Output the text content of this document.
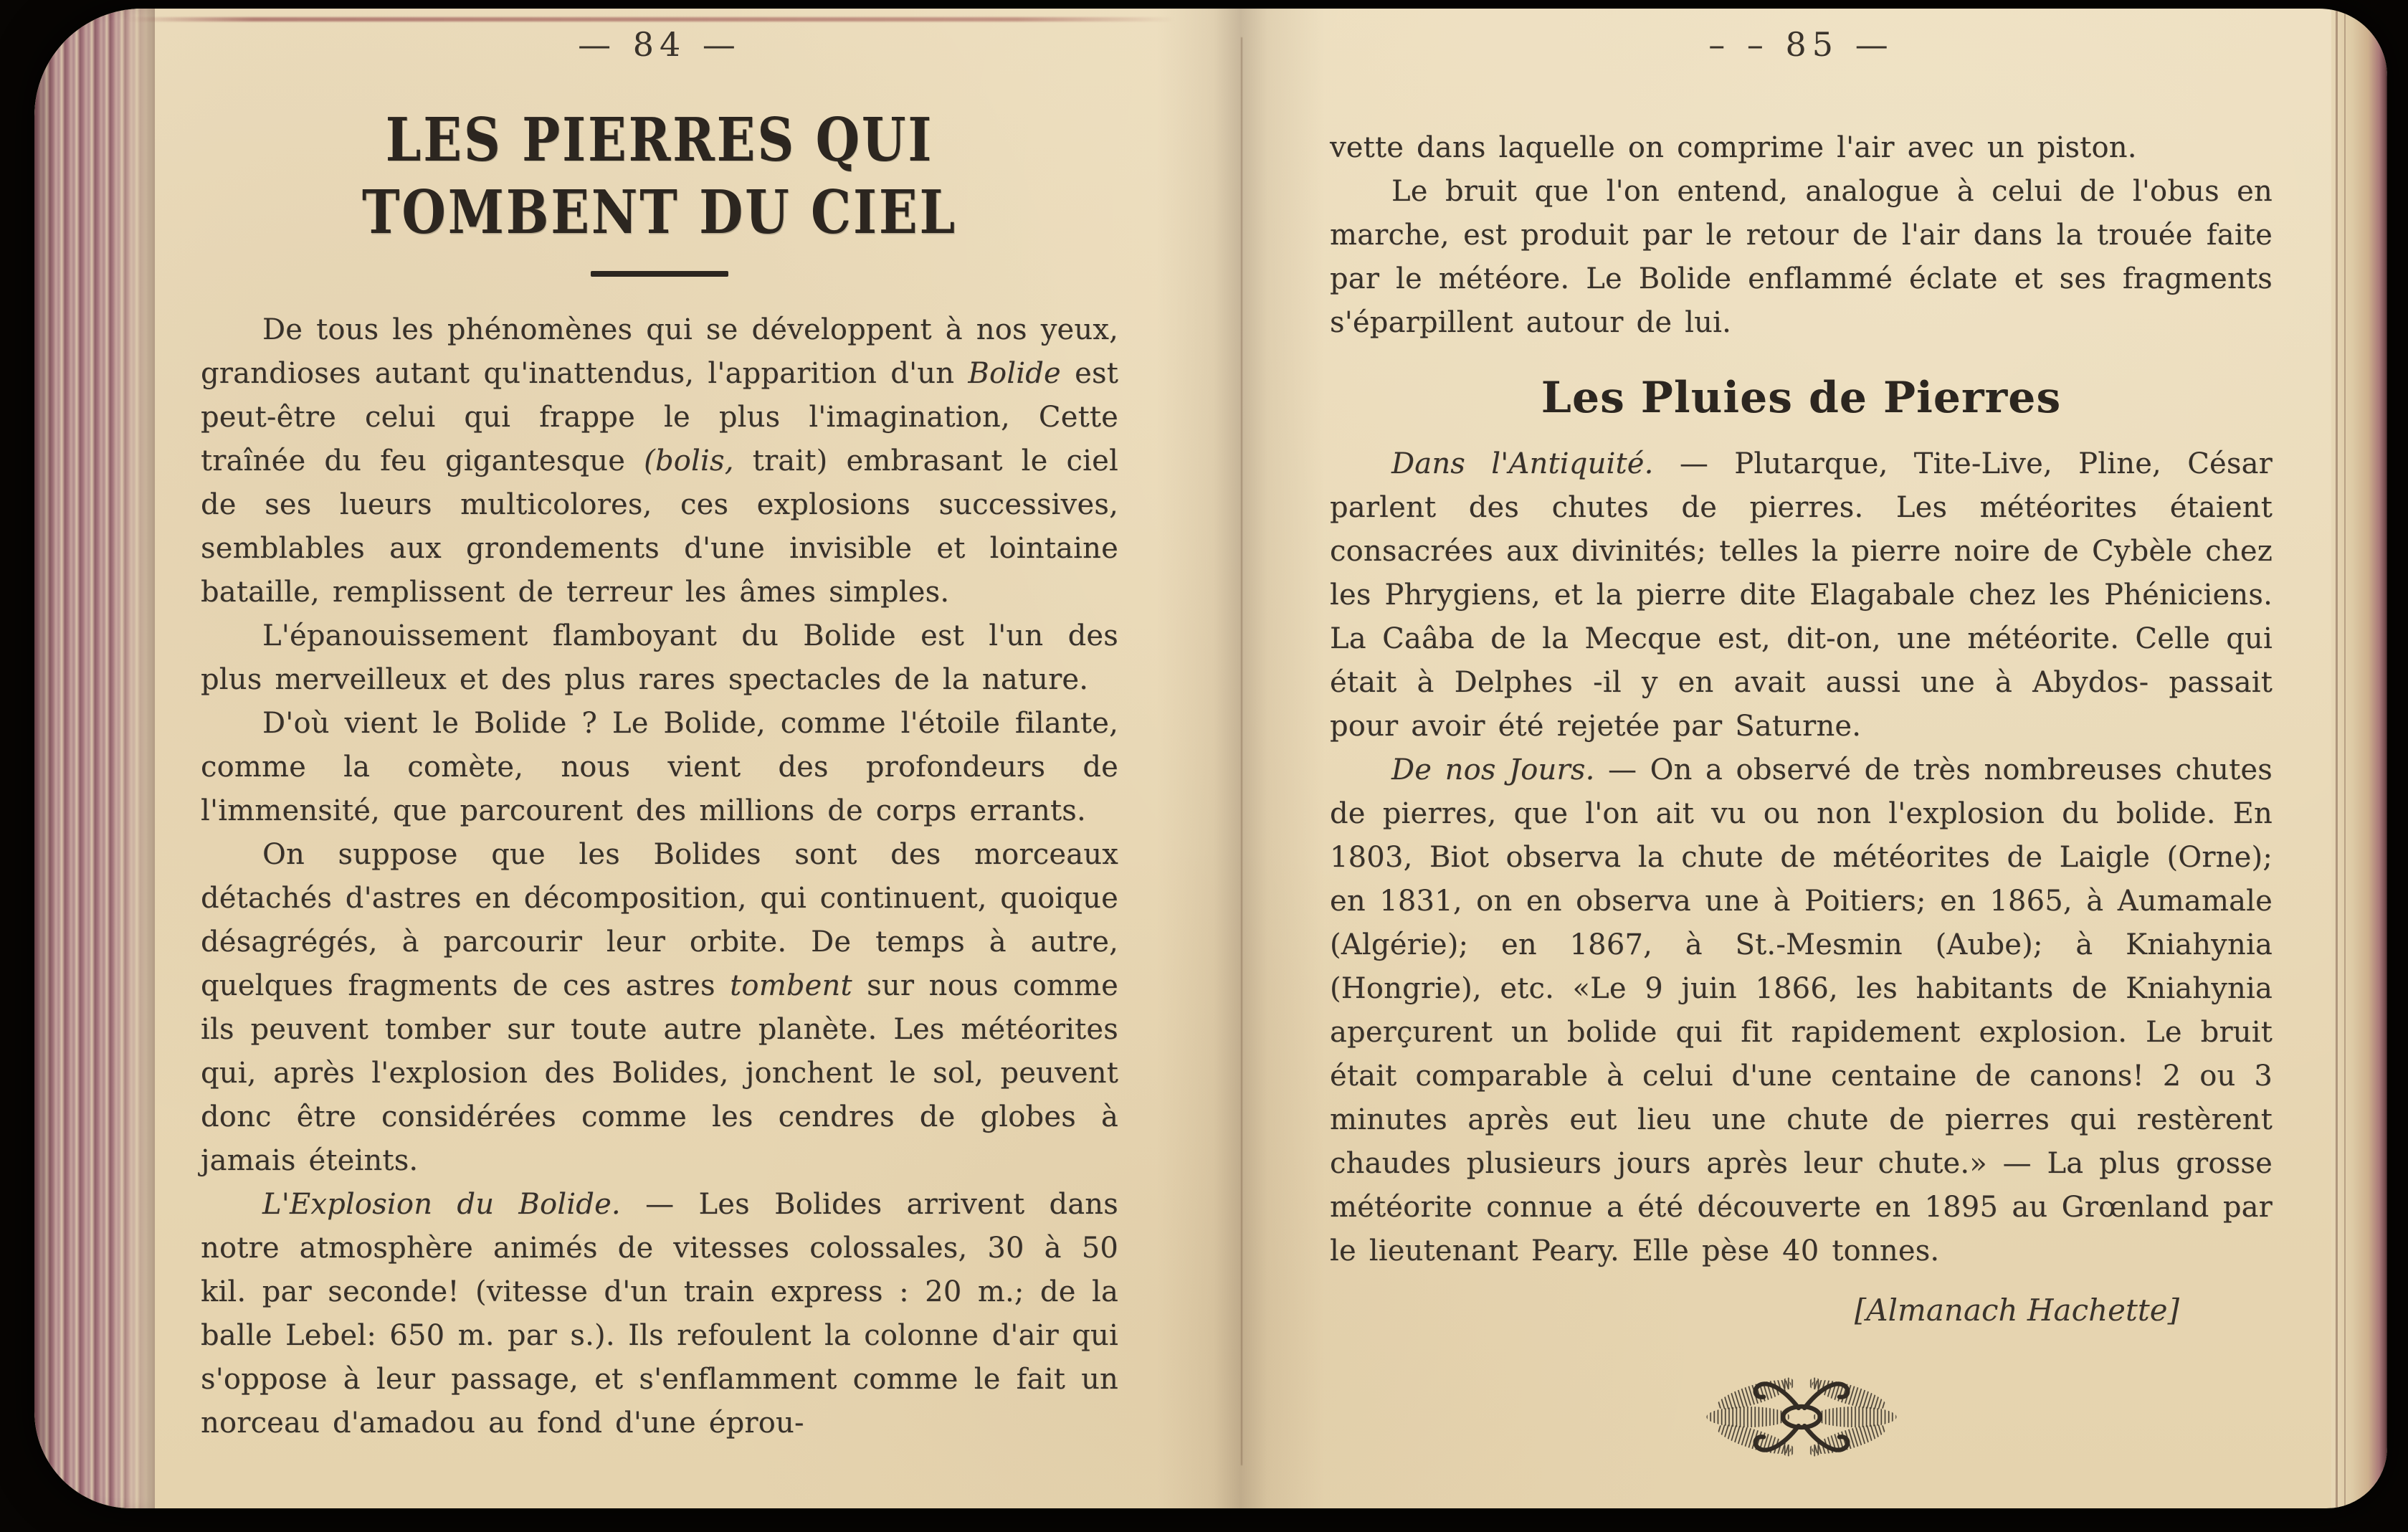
— 84 —
LES PIERRES QUI TOMBENT DU CIEL

De tous les phénomènes qui se développent à nos yeux, grandioses autant qu'inattendus, l'apparition d'un Bolide est peut-être celui qui frappe le plus l'imagination, Cette traînée du feu gigantesque (bolis, trait) embrasant le ciel de ses lueurs multicolores, ces explosions successives, semblables aux grondements d'une invisible et lointaine bataille, remplissent de terreur les âmes simples.

L'épanouissement flamboyant du Bolide est l'un des plus merveilleux et des plus rares spectacles de la nature.

D'où vient le Bolide ? Le Bolide, comme l'étoile filante, comme la comète, nous vient des profondeurs de l'immensité, que parcourent des millions de corps errants.

On suppose que les Bolides sont des morceaux détachés d'astres en décomposition, qui continuent, quoique désagrégés, à parcourir leur orbite. De temps à autre, quelques fragments de ces astres tombent sur nous comme ils peuvent tomber sur toute autre planète. Les météorites qui, après l'explosion des Bolides, jonchent le sol, peuvent donc être considérées comme les cendres de globes à jamais éteints.

L'Explosion du Bolide. — Les Bolides arrivent dans notre atmosphère animés de vitesses colossales, 30 à 50 kil. par seconde! (vitesse d'un train express : 20 m.; de la balle Lebel: 650 m. par s.). Ils refoulent la colonne d'air qui s'oppose à leur passage, et s'enflamment comme le fait un norceau d'amadou au fond d'une éprou-

– – 85 —

vette dans laquelle on comprime l'air avec un piston.

Le bruit que l'on entend, analogue à celui de l'obus en marche, est produit par le retour de l'air dans la trouée faite par le météore. Le Bolide enflammé éclate et ses fragments s'éparpillent autour de lui.

Les Pluies de Pierres

Dans l'Antiquité. — Plutarque, Tite-Live, Pline, César parlent des chutes de pierres. Les météorites étaient consacrées aux divinités; telles la pierre noire de Cybèle chez les Phrygiens, et la pierre dite Elagabale chez les Phéniciens. La Caâba de la Mecque est, dit-on, une météorite. Celle qui était à Delphes -il y en avait aussi une à Abydos- passait pour avoir été rejetée par Saturne.

De nos Jours. — On a observé de très nombreuses chutes de pierres, que l'on ait vu ou non l'explosion du bolide. En 1803, Biot observa la chute de météorites de Laigle (Orne); en 1831, on en observa une à Poitiers; en 1865, à Aumamale (Algérie); en 1867, à St.-Mesmin (Aube); à Kniahynia (Hongrie), etc. «Le 9 juin 1866, les habitants de Kniahynia aperçurent un bolide qui fit rapidement explosion. Le bruit était comparable à celui d'une centaine de canons! 2 ou 3 minutes après eut lieu une chute de pierres qui restèrent chaudes plusieurs jours après leur chute.» — La plus grosse météorite connue a été découverte en 1895 au Grœnland par le lieutenant Peary. Elle pèse 40 tonnes.

[Almanach Hachette]
